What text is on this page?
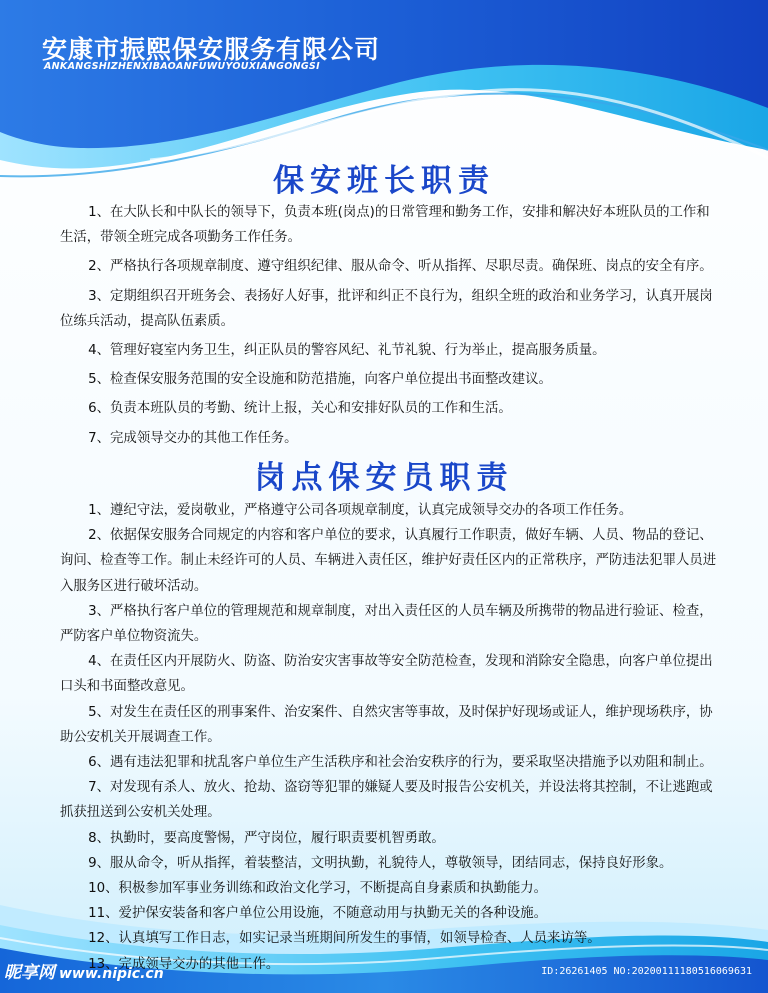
安康市振熙保安服务有限公司
ANKANGSHIZHENXIBAOANFUWUYOUXIANGONGSI
保安班长职责
1、在大队长和中队长的领导下，负责本班(岗点)的日常管理和勤务工作，安排和解决好本班队员的工作和生活，带领全班完成各项勤务工作任务。
2、严格执行各项规章制度、遵守组织纪律、服从命令、听从指挥、尽职尽责。确保班、岗点的安全有序。
3、定期组织召开班务会、表扬好人好事，批评和纠正不良行为，组织全班的政治和业务学习，认真开展岗位练兵活动，提高队伍素质。
4、管理好寝室内务卫生，纠正队员的警容风纪、礼节礼貌、行为举止，提高服务质量。
5、检查保安服务范围的安全设施和防范措施，向客户单位提出书面整改建议。
6、负责本班队员的考勤、统计上报，关心和安排好队员的工作和生活。
7、完成领导交办的其他工作任务。
岗点保安员职责
1、遵纪守法，爱岗敬业，严格遵守公司各项规章制度，认真完成领导交办的各项工作任务。
2、依据保安服务合同规定的内容和客户单位的要求，认真履行工作职责，做好车辆、人员、物品的登记、询问、检查等工作。制止未经许可的人员、车辆进入责任区，维护好责任区内的正常秩序，严防违法犯罪人员进入服务区进行破坏活动。
3、严格执行客户单位的管理规范和规章制度，对出入责任区的人员车辆及所携带的物品进行验证、检查，严防客户单位物资流失。
4、在责任区内开展防火、防盗、防治安灾害事故等安全防范检查，发现和消除安全隐患，向客户单位提出口头和书面整改意见。
5、对发生在责任区的刑事案件、治安案件、自然灾害等事故，及时保护好现场或证人，维护现场秩序，协助公安机关开展调查工作。
6、遇有违法犯罪和扰乱客户单位生产生活秩序和社会治安秩序的行为，要采取坚决措施予以劝阻和制止。
7、对发现有杀人、放火、抢劫、盗窃等犯罪的嫌疑人要及时报告公安机关，并设法将其控制，不让逃跑或抓获扭送到公安机关处理。
8、执勤时，要高度警惕，严守岗位，履行职责要机智勇敢。
9、服从命令，听从指挥，着装整洁，文明执勤，礼貌待人，尊敬领导，团结同志，保持良好形象。
10、积极参加军事业务训练和政治文化学习，不断提高自身素质和执勤能力。
11、爱护保安装备和客户单位公用设施，不随意动用与执勤无关的各种设施。
12、认真填写工作日志，如实记录当班期间所发生的事情，如领导检查、人员来访等。
13、完成领导交办的其他工作。
昵享网 www.nipic.cn	ID:26261405 NO:20200111180516069631
